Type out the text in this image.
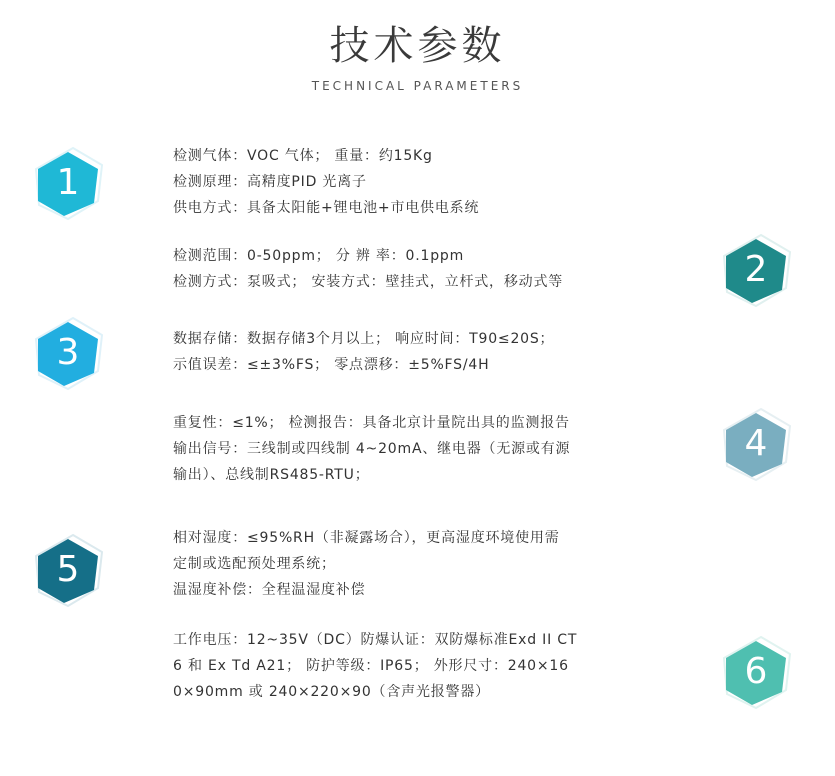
技术参数
TECHNICAL PARAMETERS
1
检测气体：VOC 气体； 重量：约15Kg
检测原理：高精度PID 光离子
供电方式：具备太阳能+锂电池+市电供电系统
2
检测范围：0-50ppm； 分 辨 率：0.1ppm
检测方式：泵吸式； 安装方式：壁挂式，立杆式，移动式等
3	数据存储：数据存储3个月以上； 响应时间：T90≤20S；
示值误差：≤±3%FS； 零点漂移：±5%FS/4H
4
重复性：≤1%； 检测报告：具备北京计量院出具的监测报告
输出信号：三线制或四线制 4~20mA、继电器（无源或有源
输出）、总线制RS485-RTU；
5
相对湿度：≤95%RH（非凝露场合），更高湿度环境使用需
定制或选配预处理系统；
温湿度补偿：全程温湿度补偿
6
工作电压：12~35V（DC）防爆认证：双防爆标准Exd II CT
6 和 Ex Td A21； 防护等级：IP65； 外形尺寸：240×16
0×90mm 或 240×220×90（含声光报警器）
